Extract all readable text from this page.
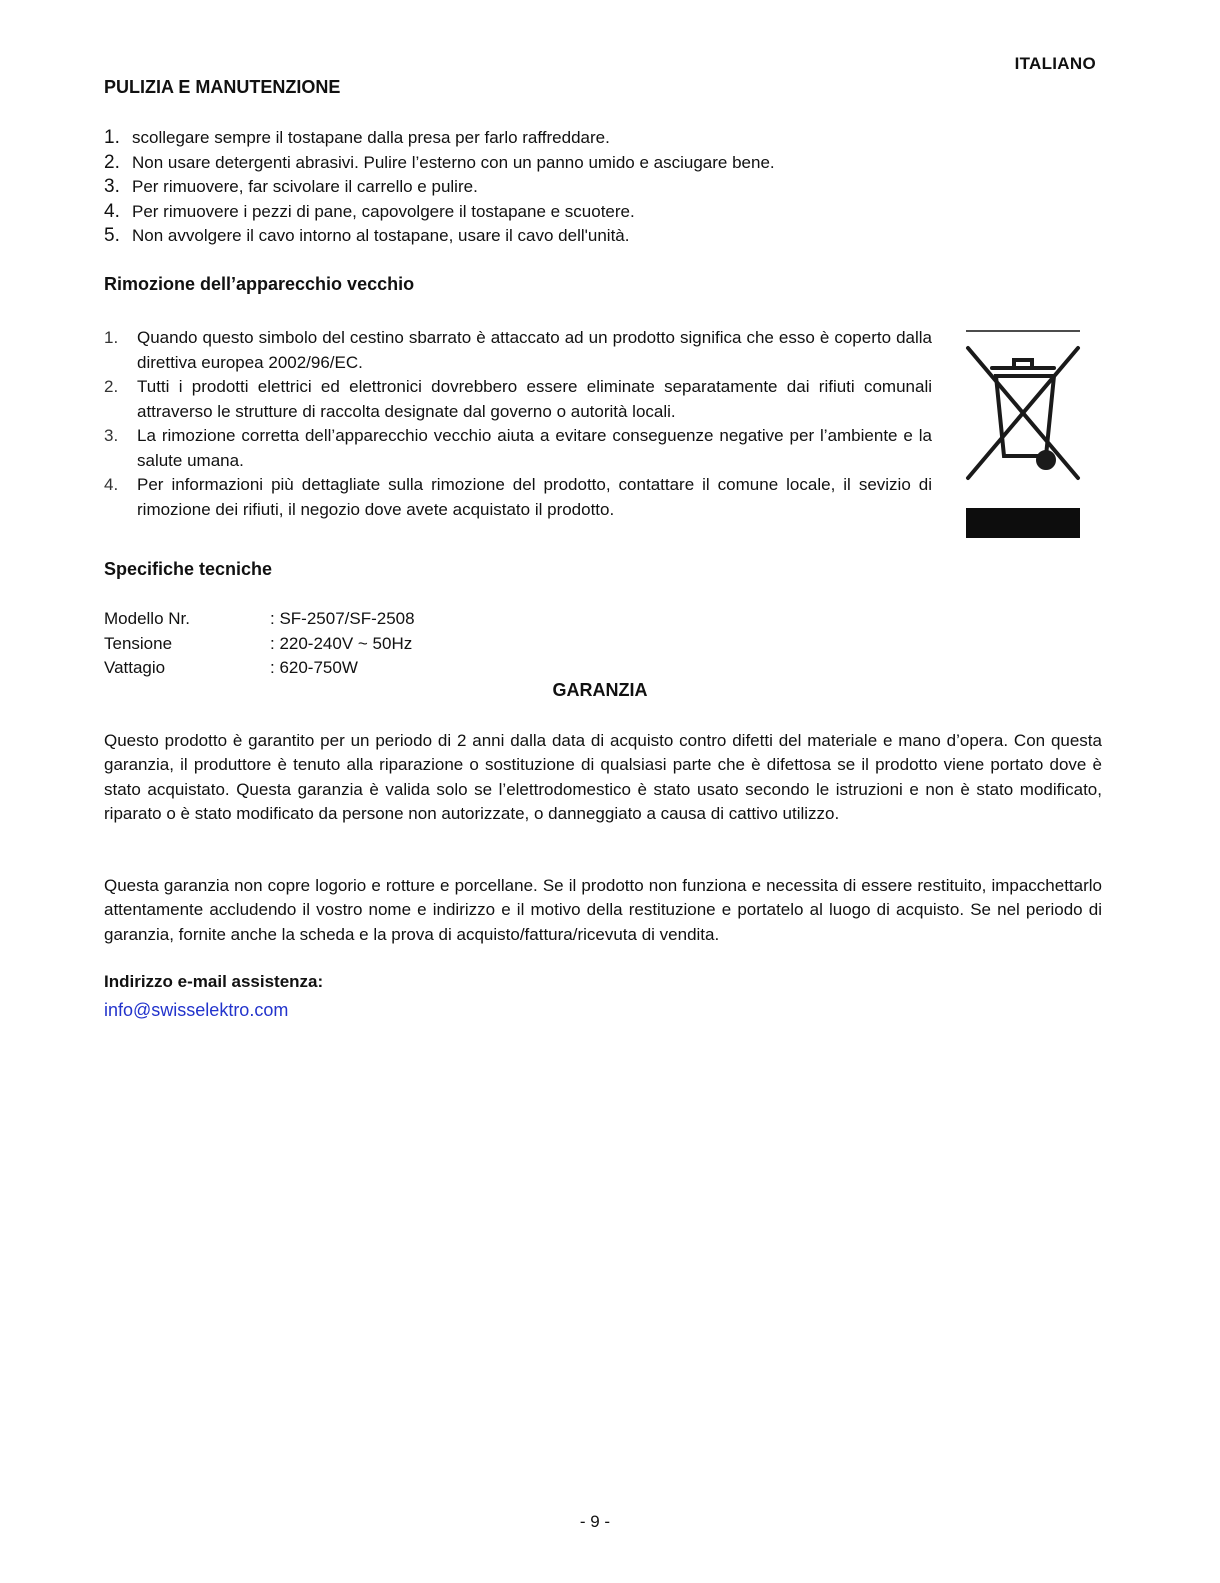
ITALIANO
PULIZIA E MANUTENZIONE
1. scollegare sempre il tostapane dalla presa per farlo raffreddare.
2. Non usare detergenti abrasivi. Pulire l’esterno con un panno umido e asciugare bene.
3. Per rimuovere, far scivolare il carrello e pulire.
4. Per rimuovere i pezzi di pane, capovolgere il tostapane e scuotere.
5. Non avvolgere il cavo intorno al tostapane, usare il cavo dell'unità.
Rimozione dell’apparecchio vecchio
1. Quando questo simbolo del cestino sbarrato è attaccato ad un prodotto significa che esso è coperto dalla direttiva europea 2002/96/EC.
2. Tutti i prodotti elettrici ed elettronici dovrebbero essere eliminate separatamente dai rifiuti comunali attraverso le strutture di raccolta designate dal governo o autorità locali.
3. La rimozione corretta dell’apparecchio vecchio aiuta a evitare conseguenze negative per l’ambiente e la salute umana.
4. Per informazioni più dettagliate sulla rimozione del prodotto, contattare il comune locale, il sevizio di rimozione dei rifiuti, il negozio dove avete acquistato il prodotto.
Specifiche tecniche
Modello Nr.	: SF-2507/SF-2508
Tensione	: 220-240V ~ 50Hz
Vattagio	: 620-750W
GARANZIA
Questo prodotto è garantito per un periodo di 2 anni dalla data di acquisto contro difetti del materiale e mano d’opera. Con questa garanzia, il produttore è tenuto alla riparazione o sostituzione di qualsiasi parte che è difettosa se il prodotto viene portato dove è stato acquistato. Questa garanzia è valida solo se l’elettrodomestico è stato usato secondo le istruzioni e non è stato modificato, riparato o è stato modificato da persone non autorizzate, o danneggiato a causa di cattivo utilizzo.
Questa garanzia non copre logorio e rotture e porcellane. Se il prodotto non funziona e necessita di essere restituito, impacchettarlo attentamente accludendo il vostro nome e indirizzo e il motivo della restituzione e portatelo al luogo di acquisto. Se nel periodo di garanzia, fornite anche la scheda e la prova di acquisto/fattura/ricevuta di vendita.
Indirizzo e-mail assistenza:
info@swisselektro.com
- 9 -
